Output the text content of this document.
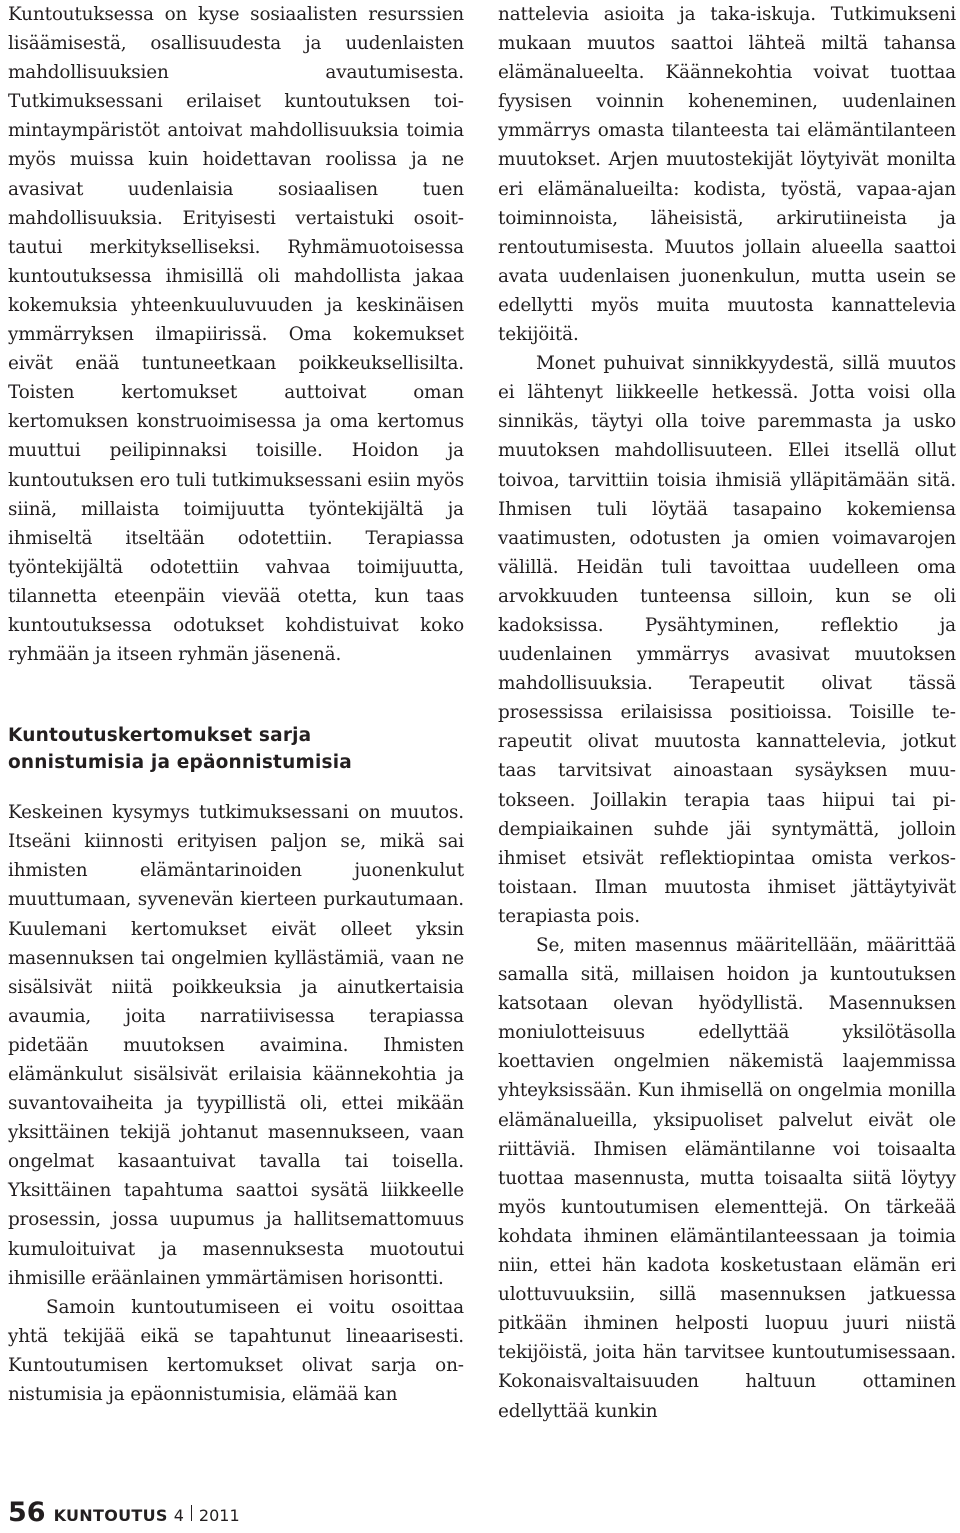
Kuntoutuksessa on kyse sosiaalisten resurssien lisäämisestä, osallisuudesta ja uudenlaisten mahdollisuuksien avautumisesta. Tutkimuksessani erilaiset kuntoutuksen toimintaympäristöt antoivat mahdollisuuksia toimia myös muissa kuin hoidettavan roolissa ja ne avasivat uudenlaisia sosiaalisen tuen mahdollisuuksia. Erityisesti vertaistuki osoittautui merkitykselliseksi. Ryhmämuotoisessa kuntoutuksessa ihmisillä oli mahdollista jakaa kokemuksia yhteenkuuluvuuden ja keskinäisen ymmärryksen ilmapiirissä. Oma kokemukset eivät enää tuntuneetkaan poikkeuksellisilta. Toisten kertomukset auttoivat oman kertomuksen konstruoimisessa ja oma kertomus muuttui peilipinnaksi toisille. Hoidon ja kuntoutuksen ero tuli tutkimuksessani esiin myös siinä, millaista toimijuutta työntekijältä ja ihmiseltä itseltään odotettiin. Terapiassa työntekijältä odotettiin vahvaa toimijuutta, tilannetta eteenpäin vievää otetta, kun taas kuntoutuksessa odotukset kohdistuivat koko ryhmään ja itseen ryhmän jäsenenä.

Kuntoutuskertomukset sarja
onnistumisia ja epäonnistumisia

Keskeinen kysymys tutkimuksessani on muutos. Itseäni kiinnosti erityisen paljon se, mikä sai ihmisten elämäntarinoiden juonenkulut muuttumaan, syvenevän kierteen purkautumaan. Kuulemani kertomukset eivät olleet yksin masennuksen tai ongelmien kyllästämiä, vaan ne sisälsivät niitä poikkeuksia ja ainutkertaisia avaumia, joita narratiivisessa terapiassa pidetään muutoksen avaimina. Ihmisten elämänkulut sisälsivät erilaisia käännekohtia ja suvantovaiheita ja tyypillistä oli, ettei mikään yksittäinen tekijä johtanut masennukseen, vaan ongelmat kasaantuivat tavalla tai toisella. Yksittäinen tapahtuma saattoi sysätä liikkeelle prosessin, jossa uupumus ja hallitsemattomuus kumuloituivat ja masennuksesta muotoutui ihmisille eräänlainen ymmärtämisen horisontti.

Samoin kuntoutumiseen ei voitu osoittaa yhtä tekijää eikä se tapahtunut lineaarisesti. Kuntoutumisen kertomukset olivat sarja onnistumisia ja epäonnistumisia, elämää kan

nattelevia asioita ja taka-iskuja. Tutkimukseni mukaan muutos saattoi lähteä miltä tahansa elämänalueelta. Käännekohtia voivat tuottaa fyysisen voinnin koheneminen, uudenlainen ymmärrys omasta tilanteesta tai elämäntilanteen muutokset. Arjen muutostekijät löytyivät monilta eri elämänalueilta: kodista, työstä, vapaa-ajan toiminnoista, läheisistä, arkirutiineista ja rentoutumisesta. Muutos jollain alueella saattoi avata uudenlaisen juonenkulun, mutta usein se edellytti myös muita muutosta kannattelevia tekijöitä.

Monet puhuivat sinnikkyydestä, sillä muutos ei lähtenyt liikkeelle hetkessä. Jotta voisi olla sinnikäs, täytyi olla toive paremmasta ja usko muutoksen mahdollisuuteen. Ellei itsellä ollut toivoa, tarvittiin toisia ihmisiä ylläpitämään sitä. Ihmisen tuli löytää tasapaino kokemiensa vaatimusten, odotusten ja omien voimavarojen välillä. Heidän tuli tavoittaa uudelleen oma arvokkuuden tunteensa silloin, kun se oli kadoksissa. Pysähtyminen, reflektio ja uudenlainen ymmärrys avasivat muutoksen mahdollisuuksia. Terapeutit olivat tässä prosessissa erilaisissa positioissa. Toisille terapeutit olivat muutosta kannattelevia, jotkut taas tarvitsivat ainoastaan sysäyksen muutokseen. Joillakin terapia taas hiipui tai pidempiaikainen suhde jäi syntymättä, jolloin ihmiset etsivät reflektiopintaa omista verkostoistaan. Ilman muutosta ihmiset jättäytyivät terapiasta pois.

Se, miten masennus määritellään, määrittää samalla sitä, millaisen hoidon ja kuntoutuksen katsotaan olevan hyödyllistä. Masennuksen moniulotteisuus edellyttää yksilötäsolla koettavien ongelmien näkemistä laajemmissa yhteyksissään. Kun ihmisellä on ongelmia monilla elämänalueilla, yksipuoliset palvelut eivät ole riittäviä. Ihmisen elämäntilanne voi toisaalta tuottaa masennusta, mutta toisaalta siitä löytyy myös kuntoutumisen elementtejä. On tärkeää kohdata ihminen elämäntilanteessaan ja toimia niin, ettei hän kadota kosketustaan elämän eri ulottuvuuksiin, sillä masennuksen jatkuessa pitkään ihminen helposti luopuu juuri niistä tekijöistä, joita hän tarvitsee kuntoutumisessaan. Kokonaisvaltaisuuden haltuun ottaminen edellyttää kunkin

56 KUNTOUTUS 4 2011
